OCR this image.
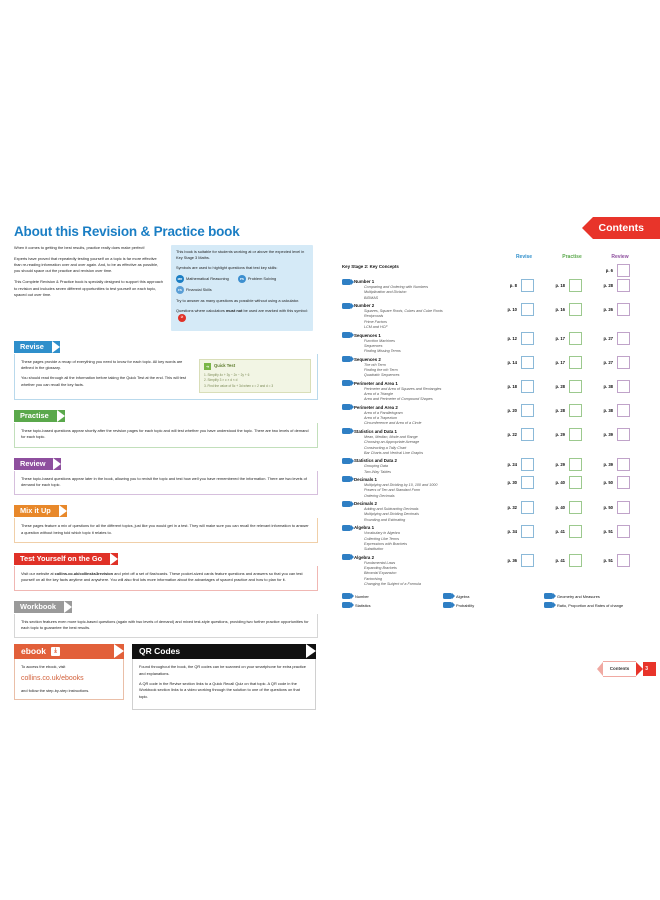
About this Revision & Practice book

When it comes to getting the best results, practice really does make perfect!

Experts have proved that repeatedly testing yourself on a topic is far more effective than re-reading information over and over again. And, to be as effective as possible, you should space out the practice and revision over time.

This Complete Revision & Practice book is specially designed to support this approach to revision and includes seven different opportunities to test yourself on each topic, spaced out over time.

This book is suitable for students working at or above the expected level in Key Stage 3 Maths.

Symbols are used to highlight questions that test key skills:

MR Mathematical Reasoning	PS	Problem Solving
FS	Financial Skills

Try to answer as many questions as possible without using a calculator.

Questions where calculators must not be used are marked with this symbol:⊘

Revise

These pages provide a recap of everything you need to know for each topic. All key words are defined in the glossary.

You should read through all the information before taking the Quick Test at the end. This will test whether you can recall the key facts.

➜	Quick Test
1. Simplify 4x + 3y − 2x − 2y + 6
2. Simplify 3 × c × d × d
3. Find the value of 5c + 3d when c = 2 and d = 3
Practise

These topic-based questions appear shortly after the revision pages for each topic and will test whether you have understood the topic. There are two levels of demand for each topic.

Review

These topic-based questions appear later in the book, allowing you to revisit the topic and test how well you have remembered the information. There are two levels of demand for each topic.

Mix it Up

These pages feature a mix of questions for all the different topics, just like you would get in a test. They will make sure you can recall the relevant information to answer a question without being told which topic it relates to.

Test Yourself on the Go

Visit our website at collins.co.uk/collinsks3revision and print off a set of flashcards. These pocket-sized cards feature questions and answers so that you can test yourself on all the key facts anytime and anywhere. You will also find lots more information about the advantages of spaced practice and how to plan for it.

Workbook

This section features even more topic-based questions (again with two levels of demand) and mixed test-style questions, providing two further practice opportunities for each topic to guarantee the best results.

ebook ⤓
To access the ebook, visit
collins.co.uk/ebooks
and follow the step-by-step instructions.
QR Codes

Found throughout the book, the QR codes can be scanned on your smartphone for extra practice and explanations.

A QR code in the Revise section links to a Quick Recall Quiz on that topic. A QR code in the Workbook section links to a video working through the solution to one of the questions on that topic.

Contents
Revise	Practise	Review
Key Stage 2: Key Concepts
p. 6
N Number 1
Comparing and Ordering with Numbers
Multiplication and Division
BIDMAS
p. 8	p. 18	p. 28
N Number 2
Squares, Square Roots, Cubes and Cube Roots
Reciprocals
Prime Factors
LCM and HCF
p. 10	p. 16	p. 26
A Sequences 1
Function Machines
Sequences
Finding Missing Terms
p. 12	p. 17	p. 27
A Sequences 2
The nth Term
Finding the nth Term
Quadratic Sequences
p. 14	p. 17	p. 27
G Perimeter and Area 1
Perimeter and Area of Squares and Rectangles
Area of a Triangle
Area and Perimeter of Compound Shapes
p. 18	p. 28	p. 38
G Perimeter and Area 2
Area of a Parallelogram
Area of a Trapezium
Circumference and Area of a Circle
p. 20	p. 28	p. 38
S Statistics and Data 1
Mean, Median, Mode and Range
Choosing an Appropriate Average
Constructing a Tally Chart
Bar Charts and Vertical Line Graphs
p. 22	p. 29	p. 39
S Statistics and Data 2
Grouping Data
Two-Way Tables
p. 24	p. 29	p. 39
N Decimals 1
Multiplying and Dividing by 10, 100 and 1000
Powers of Ten and Standard Form
Ordering Decimals
p. 30	p. 40	p. 50
N Decimals 2
Adding and Subtracting Decimals
Multiplying and Dividing Decimals
Rounding and Estimating
p. 32	p. 40	p. 50
A Algebra 1
Vocabulary in Algebra
Collecting Like Terms
Expressions with Brackets
Substitution
p. 34	p. 41	p. 51
A Algebra 2
Fundamental Laws
Expanding Brackets
Binomial Expansion
Factorising
Changing the Subject of a Formula
p. 36	p. 41	p. 51
N Number	A Algebra	G Geometry and Measures
S Statistics	P Probability	R Ratio, Proportion and Rates of change
Contents	3
